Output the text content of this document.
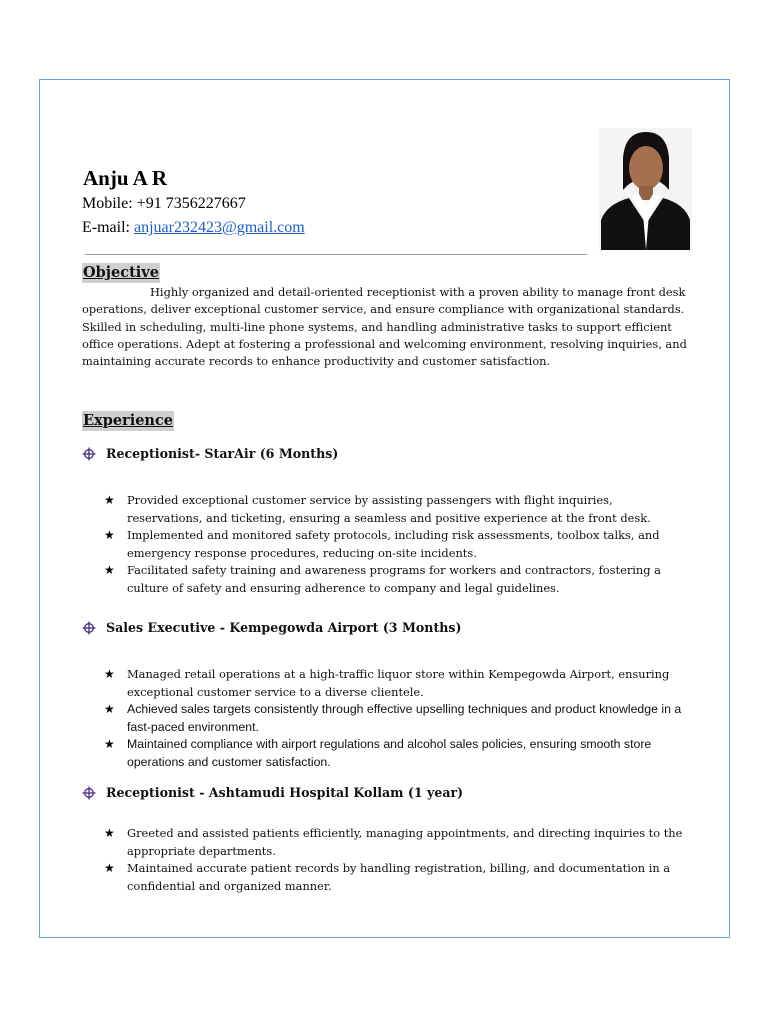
Anju A R
Mobile: +91 7356227667
E-mail: anjuar232423@gmail.com
Objective

Highly organized and detail-oriented receptionist with a proven ability to manage front desk operations, deliver exceptional customer service, and ensure compliance with organizational standards. Skilled in scheduling, multi-line phone systems, and handling administrative tasks to support efficient office operations. Adept at fostering a professional and welcoming environment, resolving inquiries, and maintaining accurate records to enhance productivity and customer satisfaction.

Experience
Receptionist- StarAir (6 Months)
★ Provided exceptional customer service by assisting passengers with flight inquiries, reservations, and ticketing, ensuring a seamless and positive experience at the front desk.
★ Implemented and monitored safety protocols, including risk assessments, toolbox talks, and emergency response procedures, reducing on-site incidents.
★ Facilitated safety training and awareness programs for workers and contractors, fostering a culture of safety and ensuring adherence to company and legal guidelines.
Sales Executive - Kempegowda Airport (3 Months)
★ Managed retail operations at a high-traffic liquor store within Kempegowda Airport, ensuring exceptional customer service to a diverse clientele.
★ Achieved sales targets consistently through effective upselling techniques and product knowledge in a fast-paced environment.
★ Maintained compliance with airport regulations and alcohol sales policies, ensuring smooth store operations and customer satisfaction.
Receptionist - Ashtamudi Hospital Kollam (1 year)
★ Greeted and assisted patients efficiently, managing appointments, and directing inquiries to the appropriate departments.
★ Maintained accurate patient records by handling registration, billing, and documentation in a confidential and organized manner.
